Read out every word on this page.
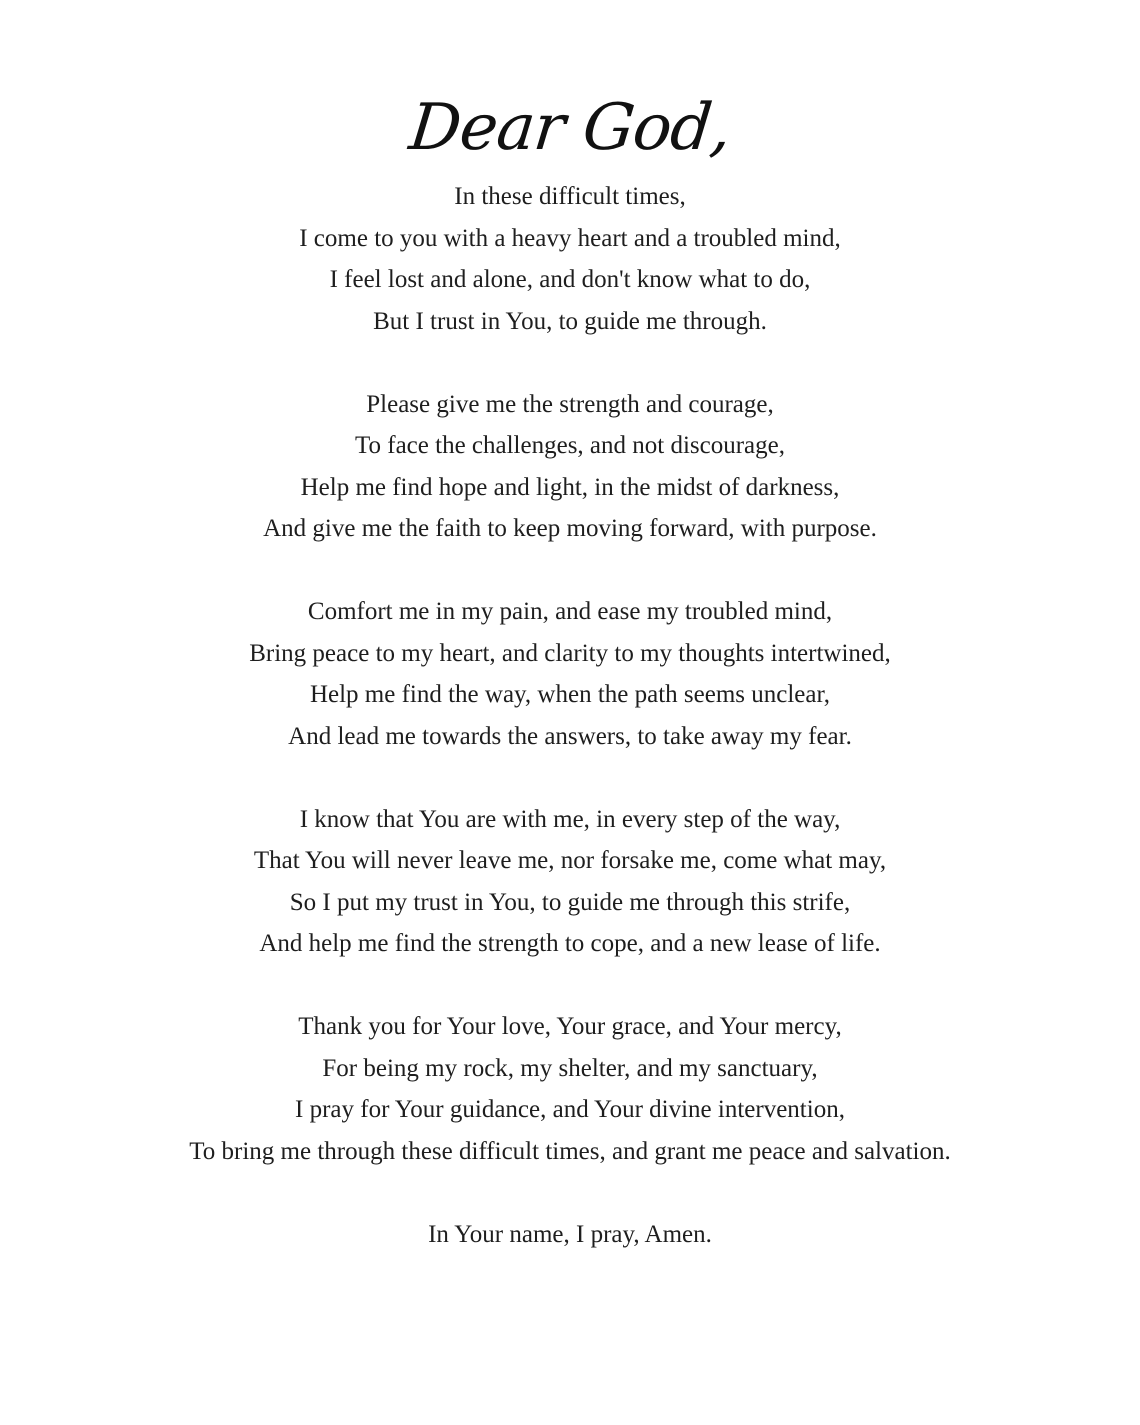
Dear God,
In these difficult times,
I come to you with a heavy heart and a troubled mind,
I feel lost and alone, and don't know what to do,
But I trust in You, to guide me through.
Please give me the strength and courage,
To face the challenges, and not discourage,
Help me find hope and light, in the midst of darkness,
And give me the faith to keep moving forward, with purpose.
Comfort me in my pain, and ease my troubled mind,
Bring peace to my heart, and clarity to my thoughts intertwined,
Help me find the way, when the path seems unclear,
And lead me towards the answers, to take away my fear.
I know that You are with me, in every step of the way,
That You will never leave me, nor forsake me, come what may,
So I put my trust in You, to guide me through this strife,
And help me find the strength to cope, and a new lease of life.
Thank you for Your love, Your grace, and Your mercy,
For being my rock, my shelter, and my sanctuary,
I pray for Your guidance, and Your divine intervention,
To bring me through these difficult times, and grant me peace and salvation.
In Your name, I pray, Amen.
